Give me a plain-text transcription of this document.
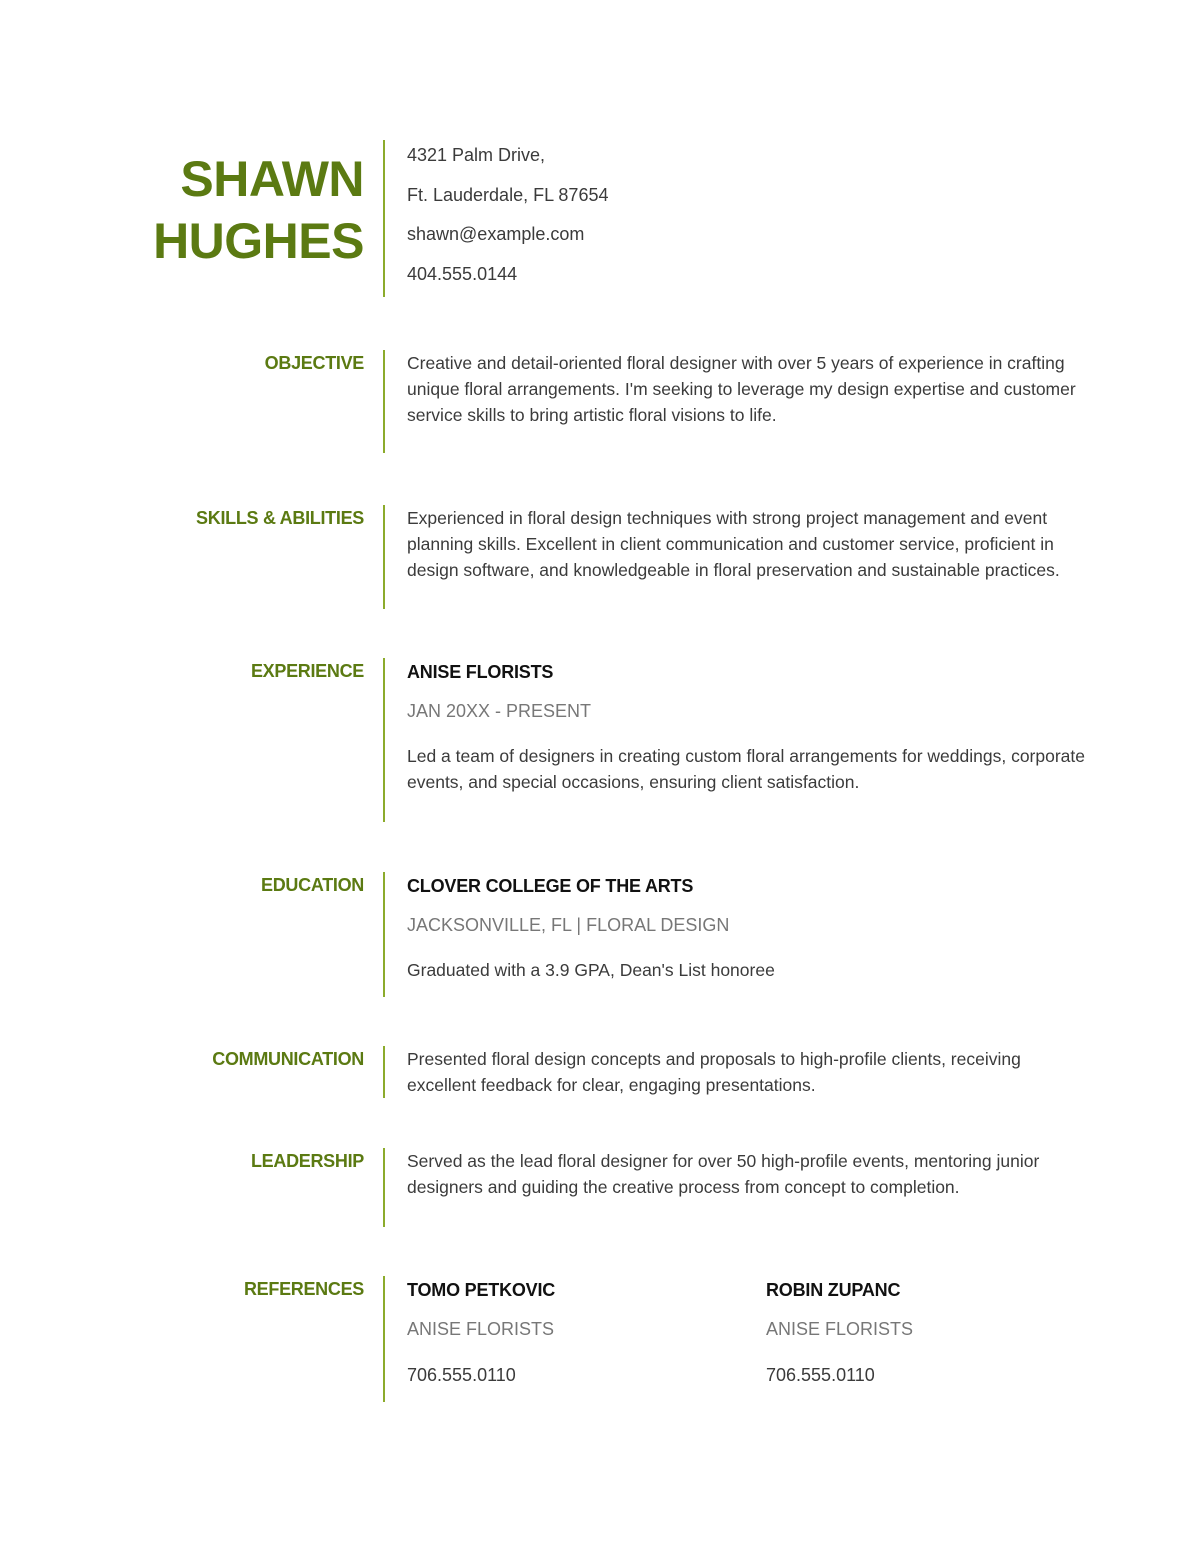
SHAWN
HUGHES
4321 Palm Drive,
Ft. Lauderdale, FL 87654
shawn@example.com
404.555.0144
OBJECTIVE Creative and detail-oriented floral designer with over 5 years of experience in crafting unique floral arrangements. I'm seeking to leverage my design expertise and customer service skills to bring artistic floral visions to life.
SKILLS & ABILITIES Experienced in floral design techniques with strong project management and event planning skills. Excellent in client communication and customer service, proficient in design software, and knowledgeable in floral preservation and sustainable practices.
EXPERIENCE ANISE FLORISTS
JAN 20XX - PRESENT
Led a team of designers in creating custom floral arrangements for weddings, corporate events, and special occasions, ensuring client satisfaction.
EDUCATION CLOVER COLLEGE OF THE ARTS
JACKSONVILLE, FL | FLORAL DESIGN
Graduated with a 3.9 GPA, Dean's List honoree
COMMUNICATION Presented floral design concepts and proposals to high-profile clients, receiving excellent feedback for clear, engaging presentations.
LEADERSHIP Served as the lead floral designer for over 50 high-profile events, mentoring junior designers and guiding the creative process from concept to completion.
REFERENCES TOMO PETKOVIC
ANISE FLORISTS
706.555.0110
ROBIN ZUPANC
ANISE FLORISTS
706.555.0110
